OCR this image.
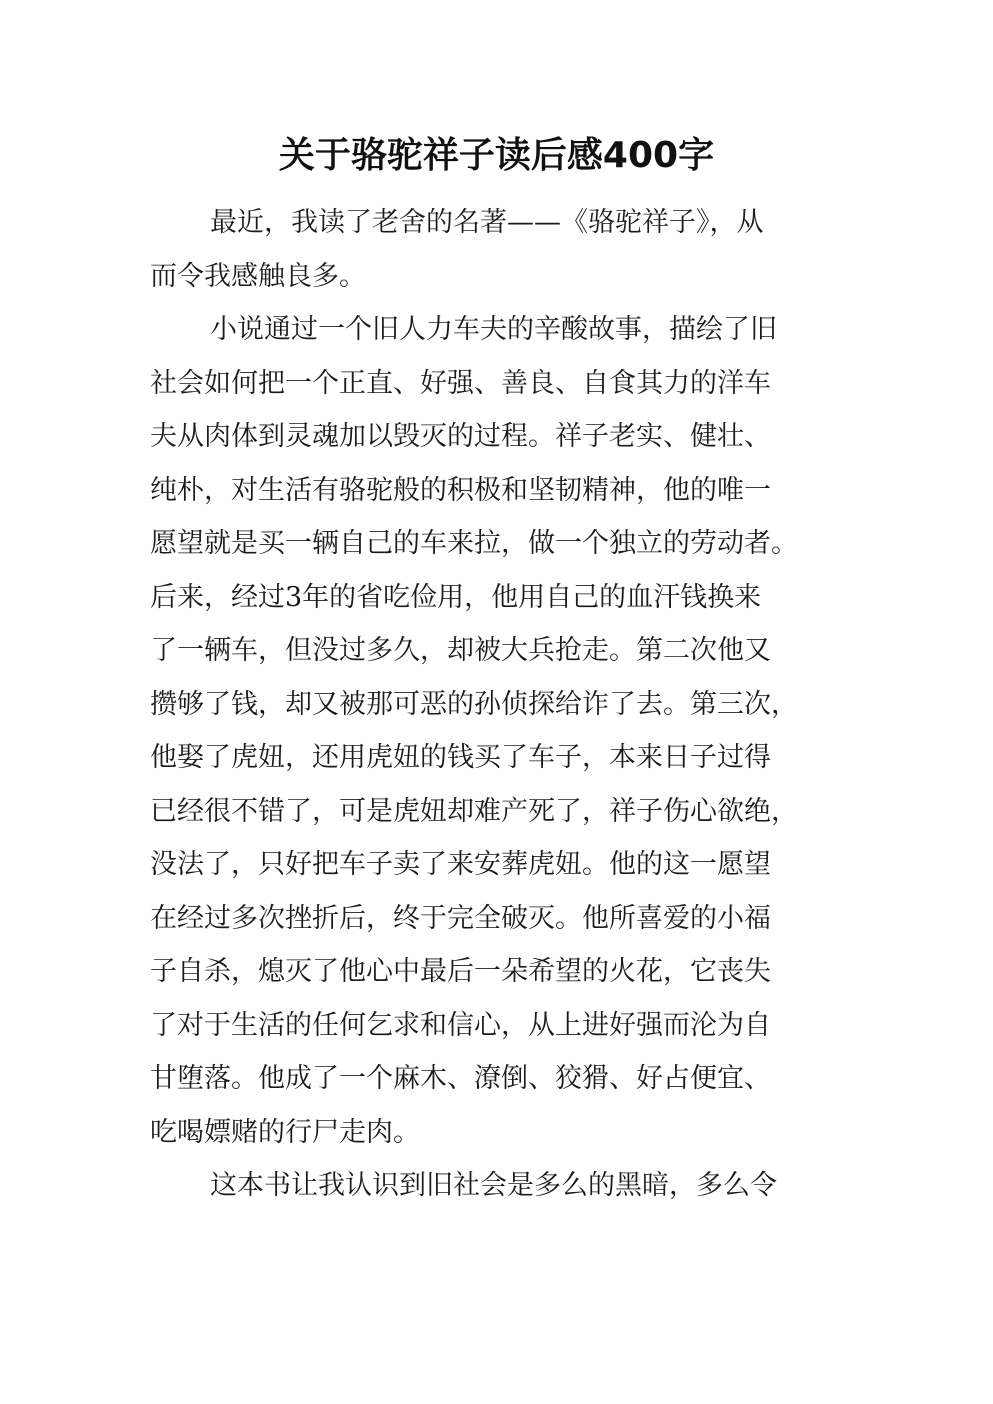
关于骆驼祥子读后感400字
最近，我读了老舍的名著——《骆驼祥子》，从
而令我感触良多。
小说通过一个旧人力车夫的辛酸故事，描绘了旧
社会如何把一个正直、好强、善良、自食其力的洋车
夫从肉体到灵魂加以毁灭的过程。祥子老实、健壮、
纯朴，对生活有骆驼般的积极和坚韧精神，他的唯一
愿望就是买一辆自己的车来拉，做一个独立的劳动者。
后来，经过3年的省吃俭用，他用自己的血汗钱换来
了一辆车，但没过多久，却被大兵抢走。第二次他又
攒够了钱，却又被那可恶的孙侦探给诈了去。第三次，
他娶了虎妞，还用虎妞的钱买了车子，本来日子过得
已经很不错了，可是虎妞却难产死了，祥子伤心欲绝，
没法了，只好把车子卖了来安葬虎妞。他的这一愿望
在经过多次挫折后，终于完全破灭。他所喜爱的小福
子自杀，熄灭了他心中最后一朵希望的火花，它丧失
了对于生活的任何乞求和信心，从上进好强而沦为自
甘堕落。他成了一个麻木、潦倒、狡猾、好占便宜、
吃喝嫖赌的行尸走肉。
这本书让我认识到旧社会是多么的黑暗，多么令
